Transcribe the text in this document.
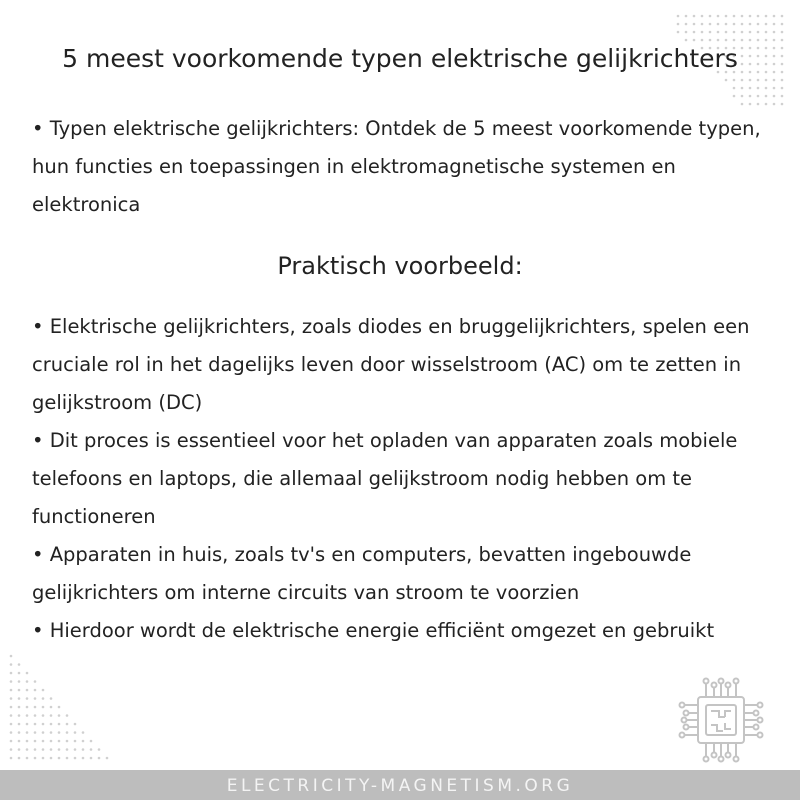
ELECTRICITY-MAGNETISM.ORG
5 meest voorkomende typen elektrische gelijkrichters
• Typen elektrische gelijkrichters: Ontdek de 5 meest voorkomende typen, hun functies en toepassingen in elektromagnetische systemen en elektronica
Praktisch voorbeeld:
• Elektrische gelijkrichters, zoals diodes en bruggelijkrichters, spelen een cruciale rol in het dagelijks leven door wisselstroom (AC) om te zetten in gelijkstroom (DC)
• Dit proces is essentieel voor het opladen van apparaten zoals mobiele telefoons en laptops, die allemaal gelijkstroom nodig hebben om te functioneren
• Apparaten in huis, zoals tv's en computers, bevatten ingebouwde gelijkrichters om interne circuits van stroom te voorzien
• Hierdoor wordt de elektrische energie efficiënt omgezet en gebruikt
